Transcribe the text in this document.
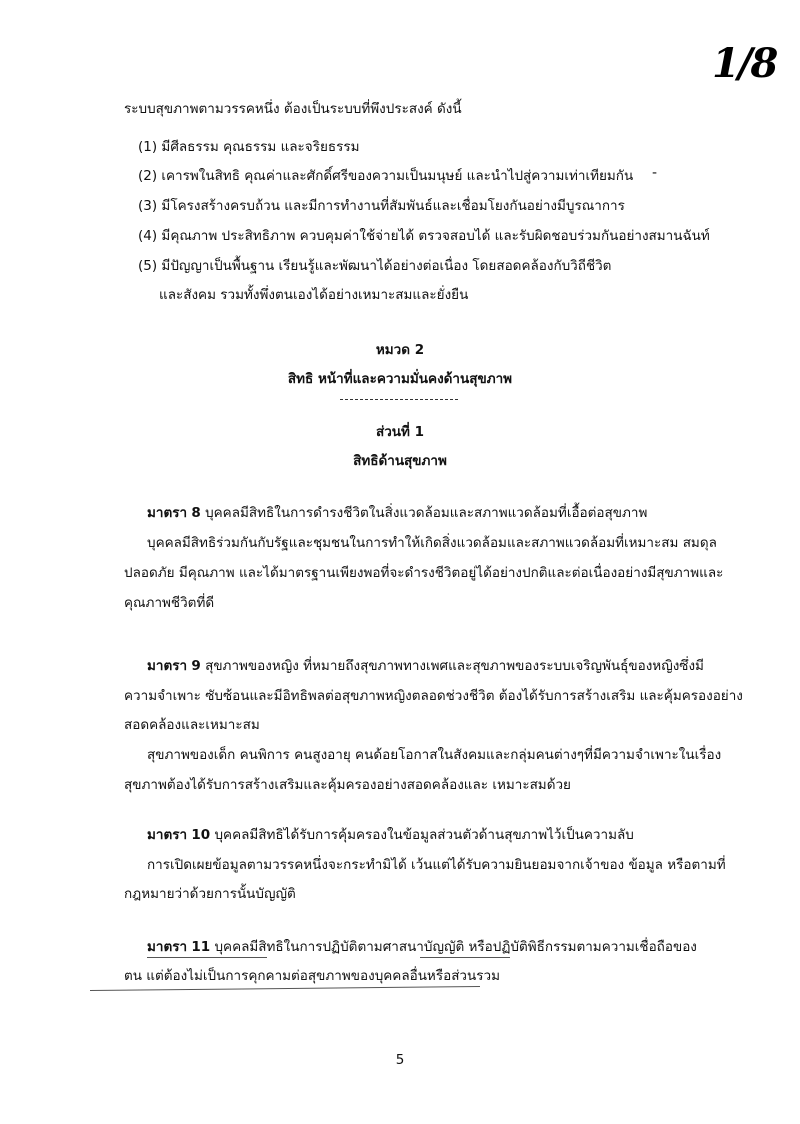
1/8
ระบบสุขภาพตามวรรคหนึ่ง ต้องเป็นระบบที่พึงประสงค์ ดังนี้
(1) มีศีลธรรม คุณธรรม และจริยธรรม
(2) เคารพในสิทธิ คุณค่าและศักดิ์ศรีของความเป็นมนุษย์ และนำไปสู่ความเท่าเทียมกัน -
(3) มีโครงสร้างครบถ้วน และมีการทำงานที่สัมพันธ์และเชื่อมโยงกันอย่างมีบูรณาการ
(4) มีคุณภาพ ประสิทธิภาพ ควบคุมค่าใช้จ่ายได้ ตรวจสอบได้ และรับผิดชอบร่วมกันอย่างสมานฉันท์
(5) มีปัญญาเป็นพื้นฐาน เรียนรู้และพัฒนาได้อย่างต่อเนื่อง โดยสอดคล้องกับวิถีชีวิต
และสังคม รวมทั้งพึ่งตนเองได้อย่างเหมาะสมและยั่งยืน
หมวด 2
สิทธิ หน้าที่และความมั่นคงด้านสุขภาพ
ส่วนที่ 1
สิทธิด้านสุขภาพ
มาตรา 8 บุคคลมีสิทธิในการดำรงชีวิตในสิ่งแวดล้อมและสภาพแวดล้อมที่เอื้อต่อสุขภาพ
บุคคลมีสิทธิร่วมกันกับรัฐและชุมชนในการทำให้เกิดสิ่งแวดล้อมและสภาพแวดล้อมที่เหมาะสม สมดุล
ปลอดภัย มีคุณภาพ และได้มาตรฐานเพียงพอที่จะดำรงชีวิตอยู่ได้อย่างปกติและต่อเนื่องอย่างมีสุขภาพและ
คุณภาพชีวิตที่ดี
มาตรา 9 สุขภาพของหญิง ที่หมายถึงสุขภาพทางเพศและสุขภาพของระบบเจริญพันธุ์ของหญิงซึ่งมี
ความจำเพาะ ซับซ้อนและมีอิทธิพลต่อสุขภาพหญิงตลอดช่วงชีวิต ต้องได้รับการสร้างเสริม และคุ้มครองอย่าง
สอดคล้องและเหมาะสม
สุขภาพของเด็ก คนพิการ คนสูงอายุ คนด้อยโอกาสในสังคมและกลุ่มคนต่างๆที่มีความจำเพาะในเรื่อง
สุขภาพต้องได้รับการสร้างเสริมและคุ้มครองอย่างสอดคล้องและ เหมาะสมด้วย
มาตรา 10 บุคคลมีสิทธิได้รับการคุ้มครองในข้อมูลส่วนตัวด้านสุขภาพไว้เป็นความลับ
การเปิดเผยข้อมูลตามวรรคหนึ่งจะกระทำมิได้ เว้นแต่ได้รับความยินยอมจากเจ้าของ ข้อมูล หรือตามที่
กฎหมายว่าด้วยการนั้นบัญญัติ
มาตรา 11 บุคคลมีสิทธิในการปฏิบัติตามศาสนาบัญญัติ หรือปฏิบัติพิธีกรรมตามความเชื่อถือของ
ตน แต่ต้องไม่เป็นการคุกคามต่อสุขภาพของบุคคลอื่นหรือส่วนรวม
5
